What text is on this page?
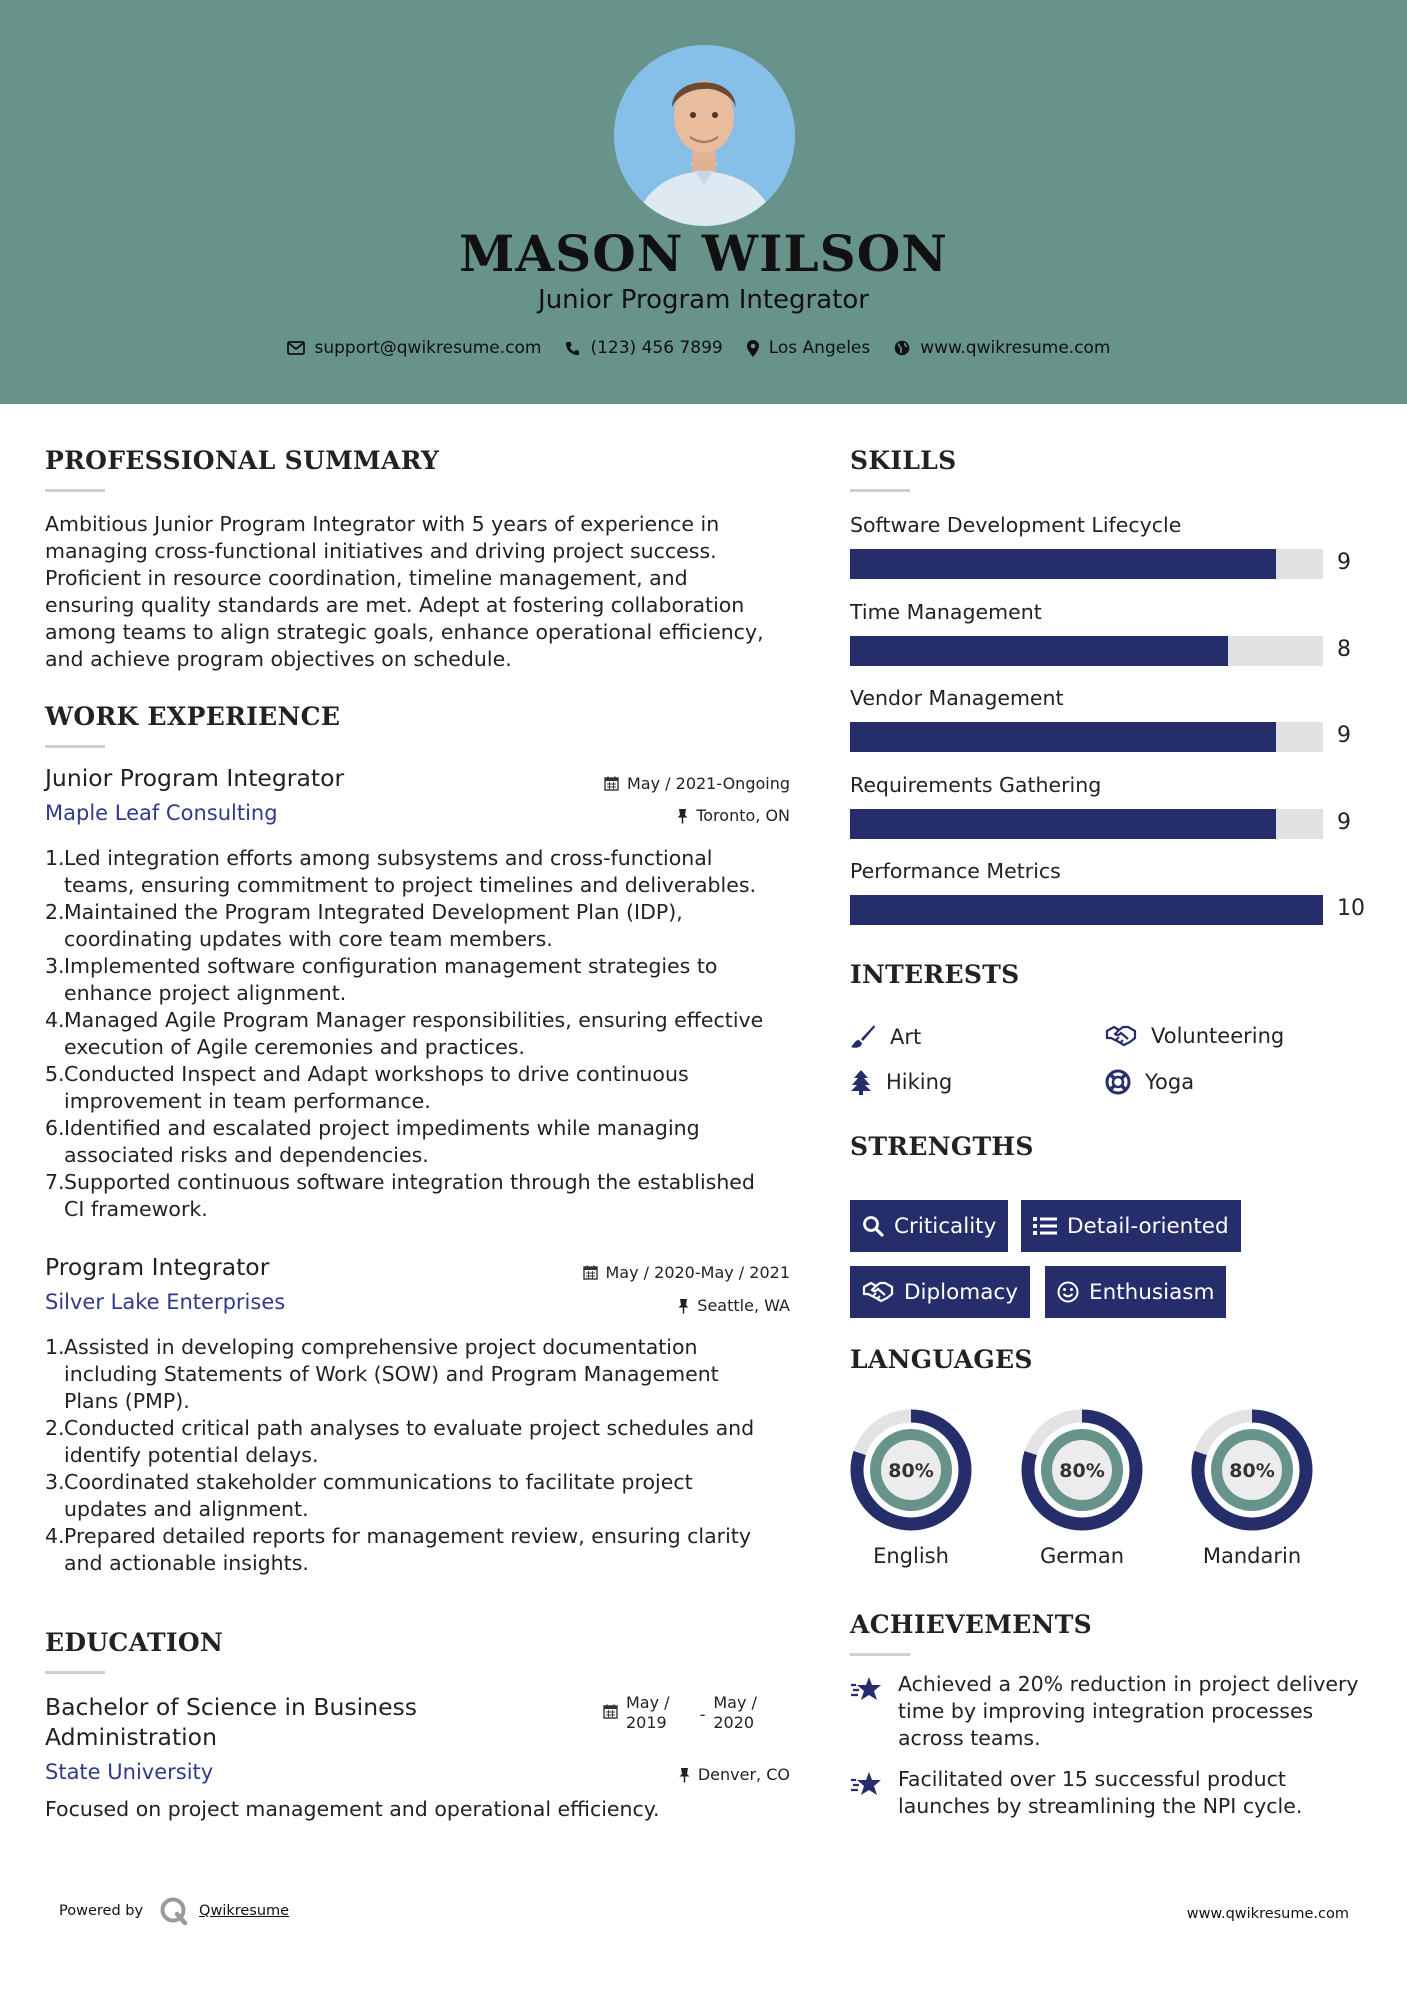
MASON WILSON
Junior Program Integrator
support@qwikresume.com	(123) 456 7899	Los Angeles	www.qwikresume.com
PROFESSIONAL SUMMARY
Ambitious Junior Program Integrator with 5 years of experience in
managing cross-functional initiatives and driving project success.
Proficient in resource coordination, timeline management, and
ensuring quality standards are met. Adept at fostering collaboration
among teams to align strategic goals, enhance operational efficiency,
and achieve program objectives on schedule.
WORK EXPERIENCE
Junior Program Integrator	May / 2021-Ongoing
Maple Leaf Consulting	Toronto, ON
1. Led integration efforts among subsystems and cross-functional
teams, ensuring commitment to project timelines and deliverables.
2. Maintained the Program Integrated Development Plan (IDP),
coordinating updates with core team members.
3. Implemented software configuration management strategies to
enhance project alignment.
4. Managed Agile Program Manager responsibilities, ensuring effective
execution of Agile ceremonies and practices.
5. Conducted Inspect and Adapt workshops to drive continuous
improvement in team performance.
6. Identified and escalated project impediments while managing
associated risks and dependencies.
7. Supported continuous software integration through the established
CI framework.
Program Integrator	May / 2020-May / 2021
Silver Lake Enterprises	Seattle, WA
1. Assisted in developing comprehensive project documentation
including Statements of Work (SOW) and Program Management
Plans (PMP).
2. Conducted critical path analyses to evaluate project schedules and
identify potential delays.
3. Coordinated stakeholder communications to facilitate project
updates and alignment.
4. Prepared detailed reports for management review, ensuring clarity
and actionable insights.
EDUCATION
Bachelor of Science in Business
Administration
May /
2019 -
May /
2020
State University	Denver, CO
Focused on project management and operational efficiency.
SKILLS
Software Development Lifecycle
9
Time Management
8
Vendor Management
9
Requirements Gathering
9
Performance Metrics
10
INTERESTS
Art	Volunteering
Hiking	Yoga
STRENGTHS
Criticality	Detail-oriented
Diplomacy	Enthusiasm
LANGUAGES
80%
English
80%
German
80%
Mandarin
ACHIEVEMENTS
Achieved a 20% reduction in project delivery
time by improving integration processes
across teams.
Facilitated over 15 successful product
launches by streamlining the NPI cycle.
Powered by	Qwikresume	www.qwikresume.com
